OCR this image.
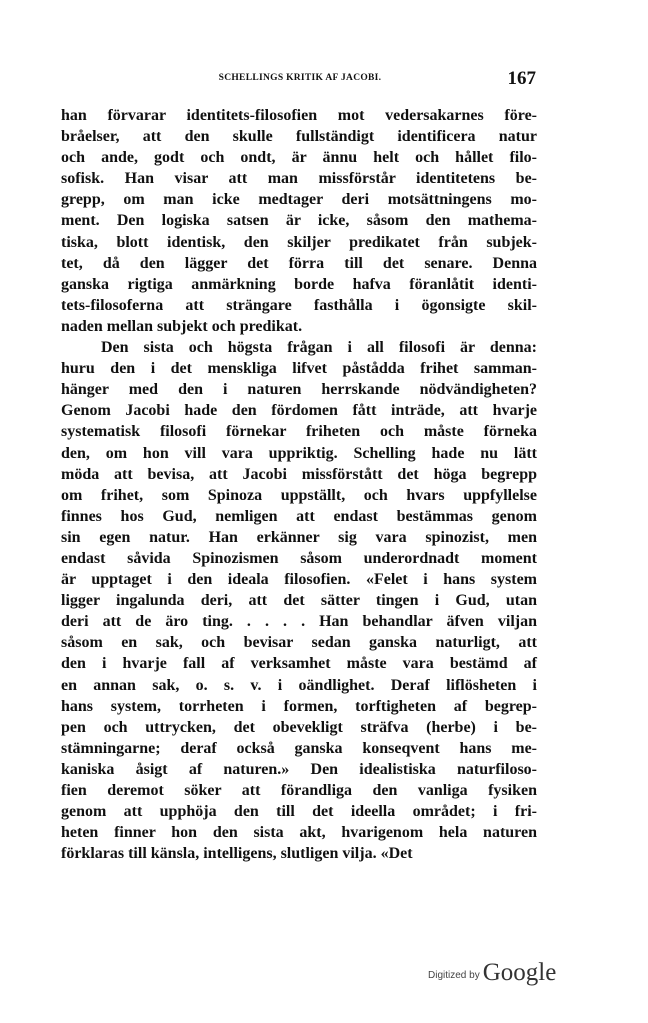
SCHELLINGS KRITIK AF JACOBI.	167
han förvarar identitets-filosofien mot vedersakarnes före-
bråelser, att den skulle fullständigt identificera natur
och ande, godt och ondt, är ännu helt och hållet filo-
sofisk. Han visar att man missförstår identitetens be-
grepp, om man icke medtager deri motsättningens mo-
ment. Den logiska satsen är icke, såsom den mathema-
tiska, blott identisk, den skiljer predikatet från subjek-
tet, då den lägger det förra till det senare. Denna
ganska rigtiga anmärkning borde hafva föranlåtit identi-
tets-filosoferna att strängare fasthålla i ögonsigte skil-
naden mellan subjekt och predikat.
Den sista och högsta frågan i all filosofi är denna:
huru den i det menskliga lifvet påstådda frihet samman-
hänger med den i naturen herrskande nödvändigheten?
Genom Jacobi hade den fördomen fått inträde, att hvarje
systematisk filosofi förnekar friheten och måste förneka
den, om hon vill vara uppriktig. Schelling hade nu lätt
möda att bevisa, att Jacobi missförstått det höga begrepp
om frihet, som Spinoza uppställt, och hvars uppfyllelse
finnes hos Gud, nemligen att endast bestämmas genom
sin egen natur. Han erkänner sig vara spinozist, men
endast såvida Spinozismen såsom underordnadt moment
är upptaget i den ideala filosofien. «Felet i hans system
ligger ingalunda deri, att det sätter tingen i Gud, utan
deri att de äro ting. . . . . Han behandlar äfven viljan
såsom en sak, och bevisar sedan ganska naturligt, att
den i hvarje fall af verksamhet måste vara bestämd af
en annan sak, o. s. v. i oändlighet. Deraf liflösheten i
hans system, torrheten i formen, torftigheten af begrep-
pen och uttrycken, det obevekligt sträfva (herbe) i be-
stämningarne; deraf också ganska konseqvent hans me-
kaniska åsigt af naturen.» Den idealistiska naturfiloso-
fien deremot söker att förandliga den vanliga fysiken
genom att upphöja den till det ideella området; i fri-
heten finner hon den sista akt, hvarigenom hela naturen
förklaras till känsla, intelligens, slutligen vilja. «Det
Digitized by Google
